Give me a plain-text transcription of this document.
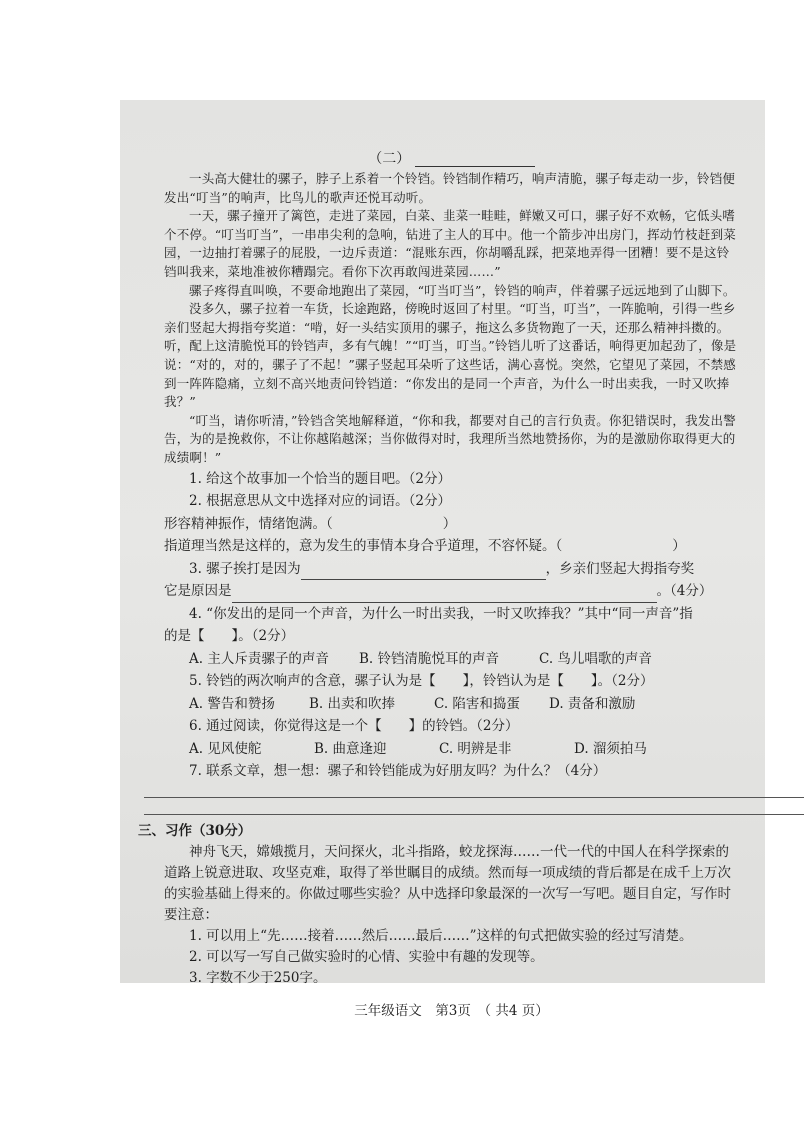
（二）

一头高大健壮的骡子，脖子上系着一个铃铛。铃铛制作精巧，响声清脆，骡子每走动一步，铃铛便发出“叮当”的响声，比鸟儿的歌声还悦耳动听。

一天，骡子撞开了篱笆，走进了菜园，白菜、韭菜一畦畦，鲜嫩又可口，骡子好不欢畅，它低头嗜个不停。“叮当叮当”，一串串尖利的急响，钻进了主人的耳中。他一个箭步冲出房门，挥动竹枝赶到菜园，一边抽打着骡子的屁股，一边斥责道：“混账东西，你胡嚼乱踩，把菜地弄得一团糟！要不是这铃铛叫我来，菜地准被你糟蹋完。看你下次再敢闯进菜园……”

骡子疼得直叫唤，不要命地跑出了菜园，“叮当叮当”，铃铛的响声，伴着骡子远远地到了山脚下。

没多久，骡子拉着一车货，长途跑路，傍晚时返回了村里。“叮当，叮当”，一阵脆响，引得一些乡亲们竖起大拇指夸奖道：“啃，好一头结实顶用的骡子，拖这么多货物跑了一天，还那么精神抖擞的。听，配上这清脆悦耳的铃铛声，多有气魄！”“叮当，叮当。”铃铛儿听了这番话，响得更加起劲了，像是说：“对的，对的，骡子了不起！”骡子竖起耳朵听了这些话，满心喜悦。突然，它望见了菜园，不禁感到一阵阵隐痛，立刻不高兴地责问铃铛道：“你发出的是同一个声音，为什么一时出卖我，一时又吹捧我？”

“叮当，请你听清，”铃铛含笑地解释道，“你和我，都要对自己的言行负责。你犯错误时，我发出警告，为的是挽救你，不让你越陷越深；当你做得对时，我理所当然地赞扬你，为的是激励你取得更大的成绩啊！”

1. 给这个故事加一个恰当的题目吧。（2分）

2. 根据意思从文中选择对应的词语。（2分）

形容精神振作，情绪饱满。（	）

指道理当然是这样的，意为发生的事情本身合乎道理，不容怀疑。（	）

3. 骡子挨打是因为	，乡亲们竖起大拇指夸奖

它是原因是	。（4分）

4. “你发出的是同一个声音，为什么一时出卖我，一时又吹捧我？”其中“同一声音”指

的是【　　】。（2分）

A. 主人斥责骡子的声音	B. 铃铛清脆悦耳的声音	C. 鸟儿唱歌的声音

5. 铃铛的两次响声的含意，骡子认为是【　　】，铃铛认为是【　　】。（2分）

A. 警告和赞扬	B. 出卖和吹捧	C. 陷害和捣蛋	D. 责备和激励

6. 通过阅读，你觉得这是一个【　　】的铃铛。（2分）

A. 见风使舵	B. 曲意逢迎	C. 明辨是非	D. 溜须拍马

7. 联系文章，想一想：骡子和铃铛能成为好朋友吗？为什么？（4分）

三、习作（30分）

神舟飞天，嫦娥揽月，天问探火，北斗指路，蛟龙探海……一代一代的中国人在科学探索的道路上锐意进取、攻坚克难，取得了举世瞩目的成绩。然而每一项成绩的背后都是在成千上万次的实验基础上得来的。你做过哪些实验？从中选择印象最深的一次写一写吧。题目自定，写作时要注意：

1. 可以用上“先……接着……然后……最后……”这样的句式把做实验的经过写清楚。

2. 可以写一写自己做实验时的心情、实验中有趣的发现等。

3. 字数不少于250字。

三年级语文　第3页　（ 共4 页）
